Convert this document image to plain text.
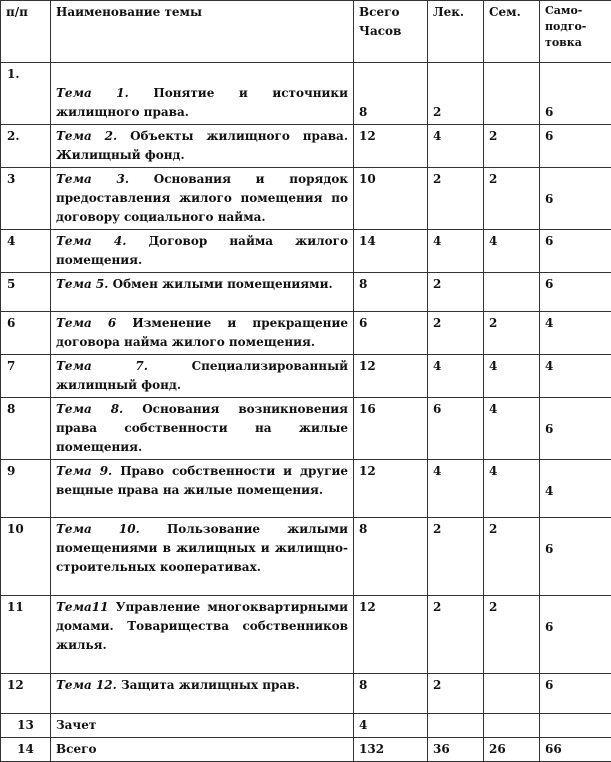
п/п	Наименование темы	Всего Часов	Лек.	Сем.	Само-подго-товка
1.	Тема 1. Понятие и источники жилищного права.	8	2		6
2.	Тема 2. Объекты жилищного права. Жилищный фонд.	12	4	2	6
3	Тема 3. Основания и порядок предоставления жилого помещения по договору социального найма.	10	2	2	6
4	Тема 4. Договор найма жилого помещения.	14	4	4	6
5	Тема 5. Обмен жилыми помещениями.	8	2		6
6	Тема 6 Изменение и прекращение договора найма жилого помещения.	6	2	2	4
7	Тема 7. Специализированный жилищный фонд.	12	4	4	4
8	Тема 8. Основания возникновения права собственности на жилые помещения.	16	6	4	6
9	Тема 9. Право собственности и другие вещные права на жилые помещения.	12	4	4	4
10	Тема 10. Пользование жилыми помещениями в жилищных и жилищно-строительных кооперативах.	8	2	2	6
11	Тема11 Управление многоквартирными домами. Товарищества собственников жилья.	12	2	2	6
12	Тема 12. Защита жилищных прав.	8	2		6
13	Зачет	4			
14	Всего	132	36	26	66
